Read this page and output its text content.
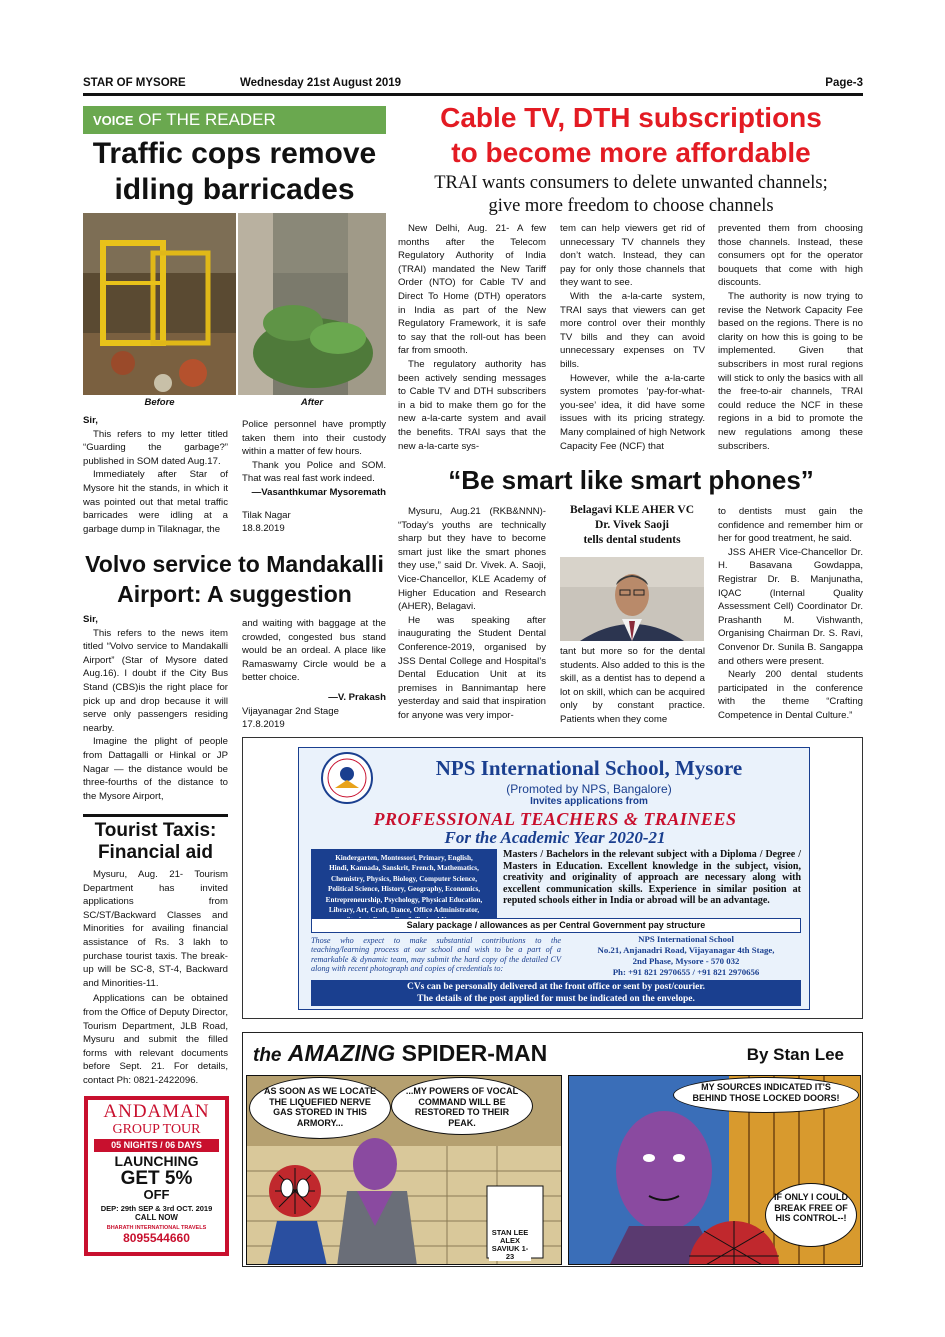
STAR OF MYSORE	Wednesday 21st August 2019	Page-3
VOICE OF THE READER
Traffic cops remove
idling barricades
Before	After

Sir,

This refers to my letter titled “Guarding the garbage?” published in SOM dated Aug.17.

Immediately after Star of Mysore hit the stands, in which it was pointed out that metal traffic barricades were idling at a garbage dump in Tilaknagar, the

Police personnel have promptly taken them into their custody within a matter of few hours.

Thank you Police and SOM. That was real fast work indeed.

—Vasanthkumar Mysoremath

Tilak Nagar

18.8.2019

Volvo service to Mandakalli
Airport: A suggestion

Sir,

This refers to the news item titled “Volvo service to Mandakalli Airport” (Star of Mysore dated Aug.16). I doubt if the City Bus Stand (CBS)is the right place for pick up and drop because it will serve only passengers residing nearby.

Imagine the plight of people from Dattagalli or Hinkal or JP Nagar — the distance would be three-fourths of the distance to the Mysore Airport,

and waiting with baggage at the crowded, congested bus stand would be an ordeal. A place like Ramaswamy Circle would be a better choice.

—V. Prakash

Vijayanagar 2nd Stage

17.8.2019

Tourist Taxis:
Financial aid

Mysuru, Aug. 21- Tourism Department has invited applications from SC/ST/Backward Classes and Minorities for availing financial assistance of Rs. 3 lakh to purchase tourist taxis. The break-up will be SC-8, ST-4, Backward and Minorities-11.

Applications can be obtained from the Office of Deputy Director, Tourism Department, JLB Road, Mysuru and submit the filled forms with relevant documents before Sept. 21. For details, contact Ph: 0821-2422096.

ANDAMAN
GROUP TOUR
05 NIGHTS / 06 DAYS
LAUNCHING
GET 5%
OFF
DEP: 29th SEP & 3rd OCT. 2019
CALL NOW
BHARATH INTERNATIONAL TRAVELS
8095544660
Cable TV, DTH subscriptions
to become more affordable
TRAI wants consumers to delete unwanted channels;
give more freedom to choose channels

New Delhi, Aug. 21- A few months after the Telecom Regulatory Authority of India (TRAI) mandated the New Tariff Order (NTO) for Cable TV and Direct To Home (DTH) operators in India as part of the New Regulatory Framework, it is safe to say that the roll-out has been far from smooth.

The regulatory authority has been actively sending messages to Cable TV and DTH subscribers in a bid to make them go for the new a-la-carte system and avail the benefits. TRAI says that the new a-la-carte sys-

tem can help viewers get rid of unnecessary TV channels they don’t watch. Instead, they can pay for only those channels that they want to see.

With the a-la-carte system, TRAI says that viewers can get more control over their monthly TV bills and they can avoid unnecessary expenses on TV bills.

However, while the a-la-carte system promotes ‘pay-for-what-you-see’ idea, it did have some issues with its pricing strategy. Many complained of high Network Capacity Fee (NCF) that

prevented them from choosing those channels. Instead, these consumers opt for the operator bouquets that come with high discounts.

The authority is now trying to revise the Network Capacity Fee based on the regions. There is no clarity on how this is going to be implemented. Given that subscribers in most rural regions will stick to only the basics with all the free-to-air channels, TRAI could reduce the NCF in these regions in a bid to promote the new regulations among these subscribers.

“Be smart like smart phones”

Mysuru, Aug.21 (RKB&NNN)- “Today’s youths are technically sharp but they have to become smart just like the smart phones they use,” said Dr. Vivek. A. Saoji, Vice-Chancellor, KLE Academy of Higher Education and Research (AHER), Belagavi.

He was speaking after inaugurating the Student Dental Conference-2019, organised by JSS Dental College and Hospital’s Dental Education Unit at its premises in Bannimantap here yesterday and said that inspiration for anyone was very impor-

Belagavi KLE AHER VC
Dr. Vivek Saoji
tells dental students

tant but more so for the dental students. Also added to this is the skill, as a dentist has to depend a lot on skill, which can be acquired only by constant practice. Patients when they come

to dentists must gain the confidence and remember him or her for good treatment, he said.

JSS AHER Vice-Chancellor Dr. H. Basavana Gowdappa, Registrar Dr. B. Manjunatha, IQAC (Internal Quality Assessment Cell) Coordinator Dr. Prashanth M. Vishwanth, Organising Chairman Dr. S. Ravi, Convenor Dr. Sunila B. Sangappa and others were present.

Nearly 200 dental students participated in the conference with the theme “Crafting Competence in Dental Culture.”

NPS International School, Mysore
(Promoted by NPS, Bangalore)
Invites applications from
PROFESSIONAL TEACHERS & TRAINEES
For the Academic Year 2020-21
Kindergarten, Montessori, Primary, English,
Hindi, Kannada, Sanskrit, French, Mathematics,
Chemistry, Physics, Biology, Computer Science,
Political Science, History, Geography, Economics,
Entrepreneurship, Psychology, Physical Education,
Library, Art, Craft, Dance, Office Administrator,
Masters / Bachelors in the relevant subject with a Diploma / Degree / Masters in Education. Excellent knowledge in the subject, vision, creativity and originality of approach are necessary along with excellent communication skills. Experience in similar position at reputed schools either in India or abroad will be an advantage.
Salary package / allowances as per Central Government pay structure
Those who expect to make substantial contributions to the teaching/learning process at our school and wish to be a part of a remarkable & dynamic team, may submit the hard copy of the detailed CV along with recent photograph and copies of credentials to:
NPS International School
No.21, Anjanadri Road, Vijayanagar 4th Stage,
2nd Phase, Mysore - 570 032
Ph: +91 821 2970655 / +91 821 2970656
CVs can be personally delivered at the front office or sent by post/courier.
The details of the post applied for must be indicated on the envelope.
the AMAZING SPIDER-MAN	By Stan Lee
AS SOON AS WE LOCATE THE LIQUEFIED NERVE GAS STORED IN THIS ARMORY...
...MY POWERS OF VOCAL COMMAND WILL BE RESTORED TO THEIR PEAK.
STAN LEE ALEX SAVIUK 1-23
MY SOURCES INDICATED IT'S BEHIND THOSE LOCKED DOORS!
IF ONLY I COULD BREAK FREE OF HIS CONTROL--!
